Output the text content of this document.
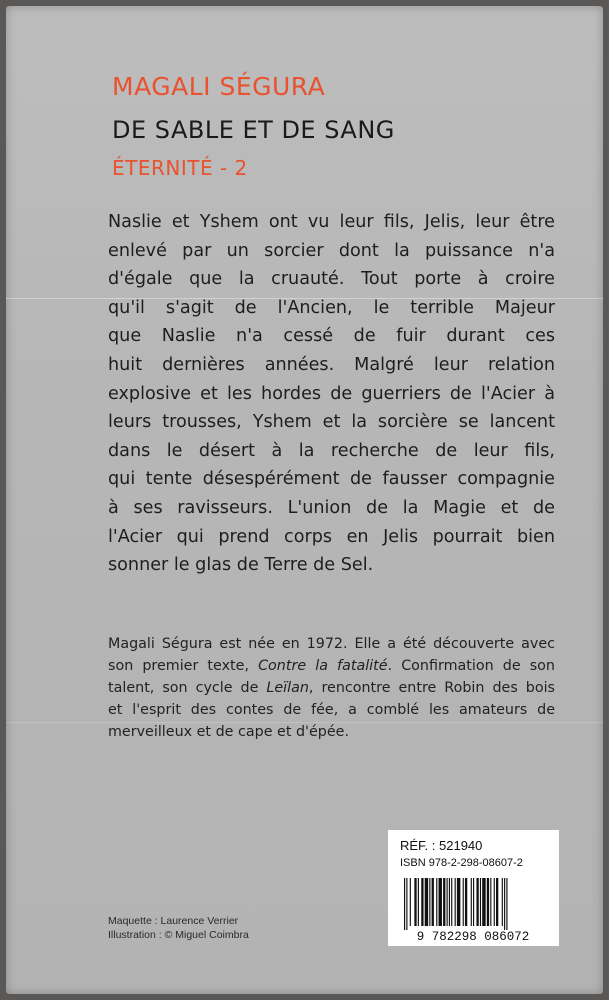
MAGALI SÉGURA
DE SABLE ET DE SANG
ÉTERNITÉ - 2
Naslie et Yshem ont vu leur fils, Jelis, leur être
enlevé par un sorcier dont la puissance n'a
d'égale que la cruauté. Tout porte à croire
qu'il s'agit de l'Ancien, le terrible Majeur
que Naslie n'a cessé de fuir durant ces
huit dernières années. Malgré leur relation
explosive et les hordes de guerriers de l'Acier à
leurs trousses, Yshem et la sorcière se lancent
dans le désert à la recherche de leur fils,
qui tente désespérément de fausser compagnie
à ses ravisseurs. L'union de la Magie et de
l'Acier qui prend corps en Jelis pourrait bien
sonner le glas de Terre de Sel.
Magali Ségura est née en 1972. Elle a été découverte avec
son premier texte, Contre la fatalité. Confirmation de son
talent, son cycle de Leïlan, rencontre entre Robin des bois
et l'esprit des contes de fée, a comblé les amateurs de
merveilleux et de cape et d'épée.
RÉF. : 521940
ISBN 978-2-298-08607-2
9 782298 086072
Maquette : Laurence Verrier
Illustration : © Miguel Coimbra
